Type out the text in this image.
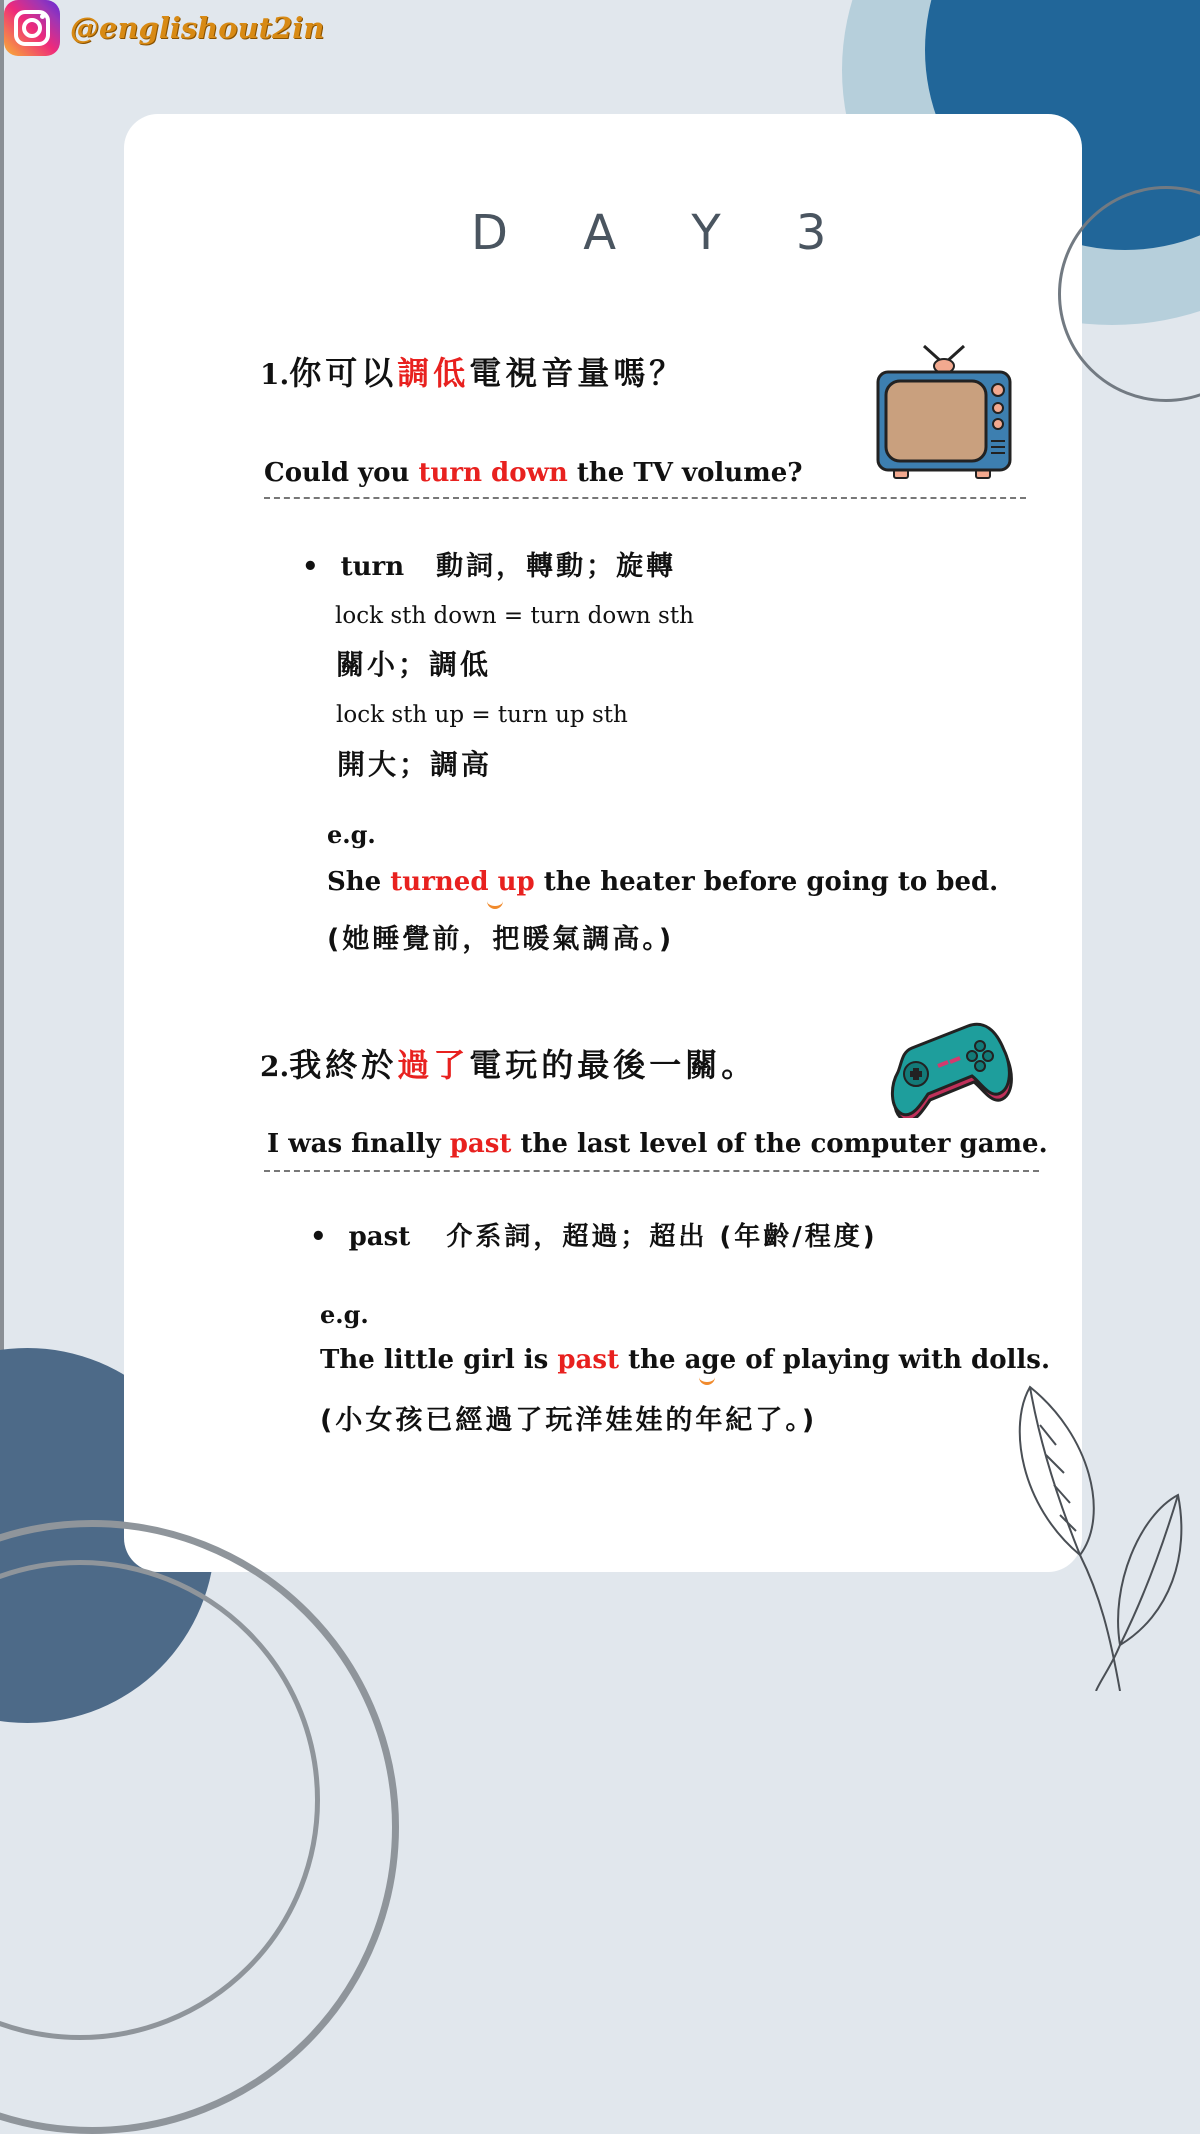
@englishout2in
D A Y 3
1.你可以調低電視音量嗎？
Could you turn down the TV volume?
• turn 動詞，轉動；旋轉
lock sth down = turn down sth
關小；調低
lock sth up = turn up sth
開大；調高
e.g.
She turned up the heater before going to bed.
(她睡覺前，把暖氣調高。)
2.我終於過了電玩的最後一關。
I was finally past the last level of the computer game.
• past 介系詞，超過；超出 (年齡/程度)
e.g.
The little girl is past the age of playing with dolls.
(小女孩已經過了玩洋娃娃的年紀了。)
